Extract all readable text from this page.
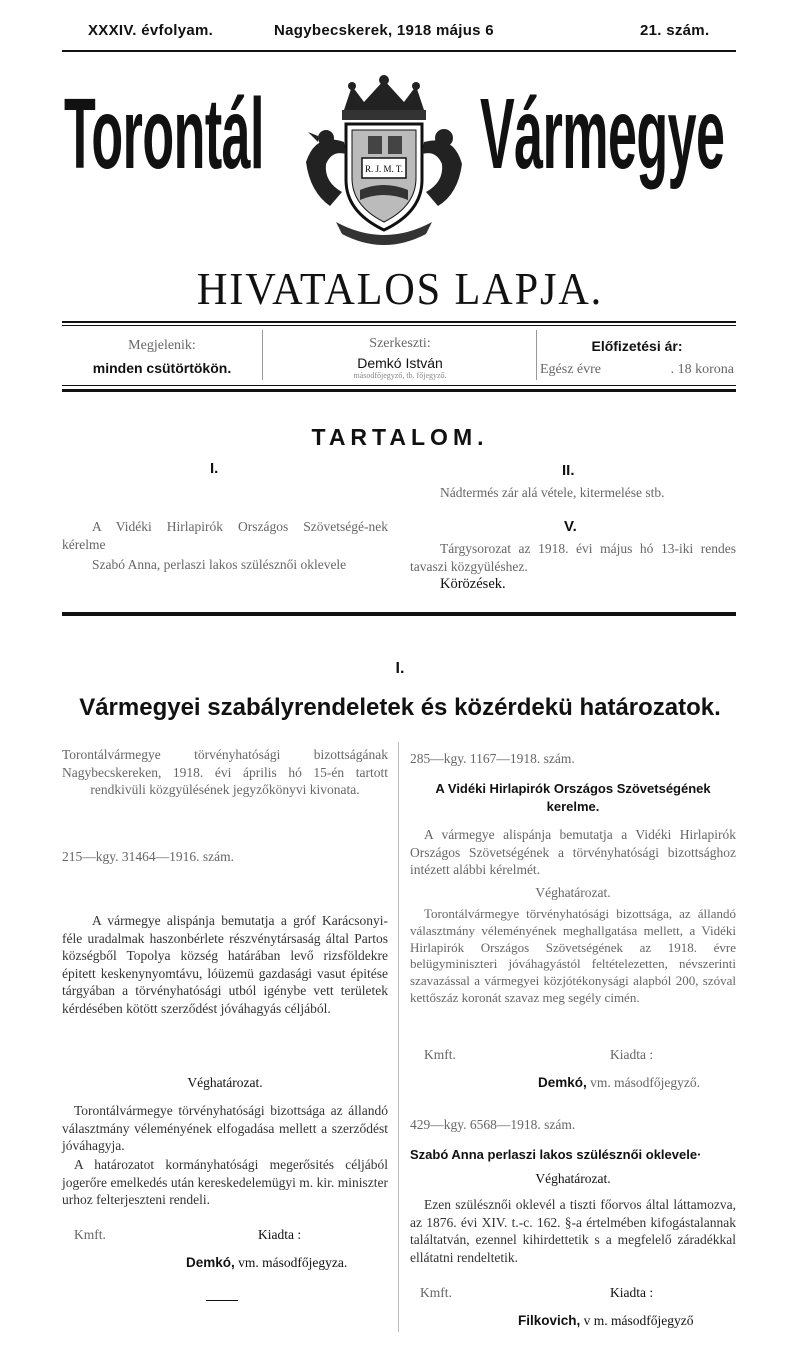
XXXIV. évfolyam.	Nagybecskerek, 1918 május 6	21. szám.
Torontál Vármegye
R. J. M. T.
HIVATALOS LAPJA.
Megjelenik:
minden csütörtökön.
Szerkeszti:
Demkó István
másodfőjegyző, tb. főjegyző.
Előfizetési ár:
Egész évre	. 18 korona
TARTALOM.
I.
A Vidéki Hirlapirók Országos Szövetségé-nek kérelme
Szabó Anna, perlaszi lakos szülésznői oklevele
II.
Nádtermés zár alá vétele, kitermelése stb.
V.
Tárgysorozat az 1918. évi május hó 13-iki rendes tavaszi közgyüléshez.
Körözések.
I.
Vármegyei szabályrendeletek és közérdekü határozatok.
Torontálvármegye törvényhatósági bizottságának Nagybecskereken, 1918. évi április hó 15-én tartott rendkivüli közgyülésének jegyzőkönyvi kivonata.
215—kgy. 31464—1916. szám.
A vármegye alispánja bemutatja a gróf Karácsonyi-féle uradalmak haszonbérlete részvénytársaság által Partos községből Topolya község határában levő rizsföldekre épitett keskenynyomtávu, lóüzemü gazdasági vasut épitése tárgyában a törvényhatósági utból igénybe vett területek kérdésében kötött szerződést jóváhagyás céljából.
Véghatározat.
Torontálvármegye törvényhatósági bizottsága az állandó választmány véleményének elfogadása mellett a szerződést jóváhagyja.
A határozatot kormányhatósági megerősités céljából jogerőre emelkedés után kereskedelemügyi m. kir. miniszter urhoz felterjeszteni rendeli.
Kmft.	Kiadta :
Demkó, vm. másodfőjegyza.
285—kgy. 1167—1918. szám.
A Vidéki Hirlapirók Országos Szövetségének kerelme.
A vármegye alispánja bemutatja a Vidéki Hirlapirók Országos Szövetségének a törvényhatósági bizottsághoz intézett alábbi kérelmét.
Véghatározat.
Torontálvármegye törvényhatósági bizottsága, az állandó választmány véleményének meghallgatása mellett, a Vidéki Hirlapirók Országos Szövetségének az 1918. évre belügyminiszteri jóváhagyástól feltételezetten, névszerinti szavazással a vármegyei közjótékonysági alapból 200, szóval kettőszáz koronát szavaz meg segély cimén.
Kmft.	Kiadta :
Demkó, vm. másodfőjegyző.
429—kgy. 6568—1918. szám.
Szabó Anna perlaszi lakos szülésznői oklevele·
Véghatározat.
Ezen szülésznői oklevél a tiszti főorvos által láttamozva, az 1876. évi XIV. t.-c. 162. §-a értelmében kifogástalannak találtatván, ezennel kihirdettetik s a megfelelő záradékkal ellátatni rendeltetik.
Kmft.	Kiadta :
Filkovich, v m. másodfőjegyző
